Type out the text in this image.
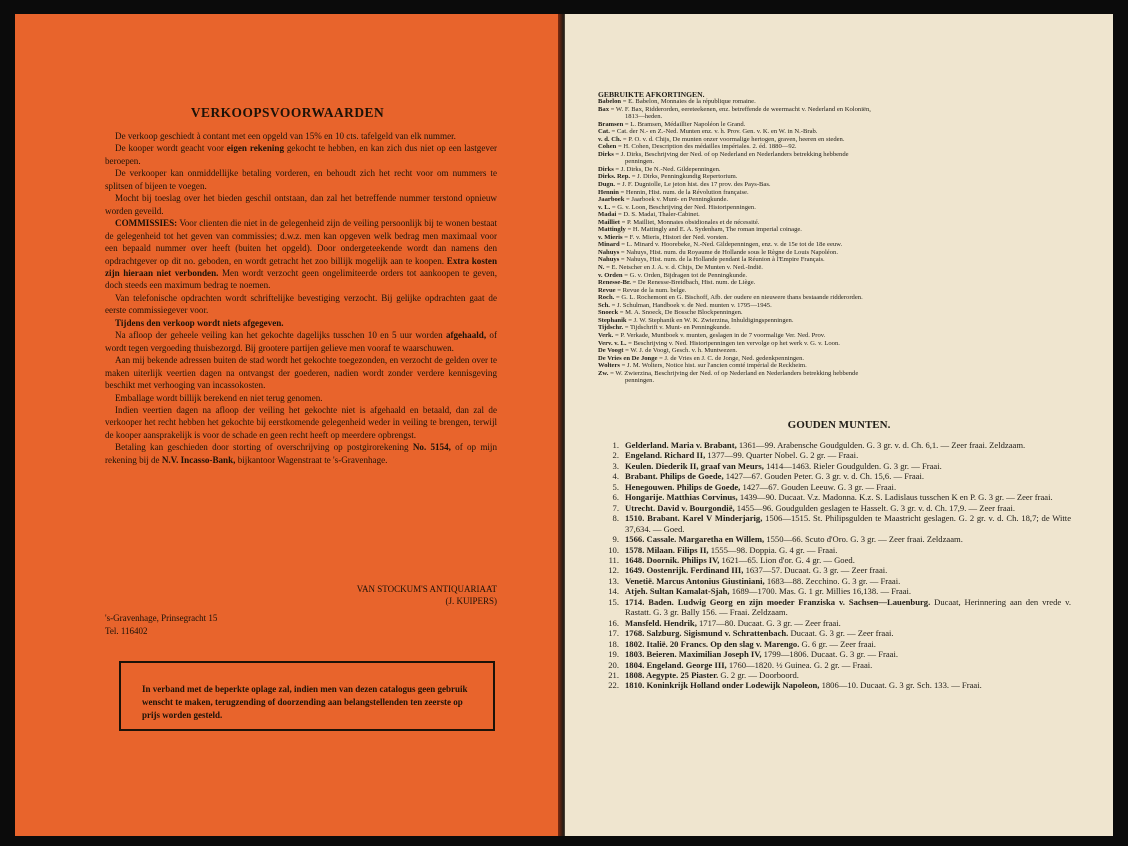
VERKOOPSVOORWAARDEN

De verkoop geschiedt à contant met een opgeld van 15% en 10 cts. tafelgeld van elk nummer.

De kooper wordt geacht voor eigen rekening gekocht te hebben, en kan zich dus niet op een lastgever beroepen.

De verkooper kan onmiddellijke betaling vorderen, en behoudt zich het recht voor om nummers te splitsen of bijeen te voegen.

Mocht bij toeslag over het bieden geschil ontstaan, dan zal het betreffende nummer terstond opnieuw worden geveild.

COMMISSIES: Voor clienten die niet in de gelegenheid zijn de veiling persoonlijk bij te wonen bestaat de gelegenheid tot het geven van commissies; d.w.z. men kan opgeven welk bedrag men maximaal voor een bepaald nummer over heeft (buiten het opgeld). Door ondergeteekende wordt dan namens den opdrachtgever op dit no. geboden, en wordt getracht het zoo billijk mogelijk aan te koopen. Extra kosten zijn hieraan niet verbonden. Men wordt verzocht geen ongelimiteerde orders tot aankoopen te geven, doch steeds een maximum bedrag te noemen.

Van telefonische opdrachten wordt schriftelijke bevestiging verzocht. Bij gelijke opdrachten gaat de eerste commissiegever voor.

Tijdens den verkoop wordt niets afgegeven.

Na afloop der geheele veiling kan het gekochte dagelijks tusschen 10 en 5 uur worden afgehaald, of wordt tegen vergoeding thuisbezorgd. Bij grootere partijen gelieve men vooraf te waarschuwen.

Aan mij bekende adressen buiten de stad wordt het gekochte toegezonden, en verzocht de gelden over te maken uiterlijk veertien dagen na ontvangst der goederen, nadien wordt zonder verdere kennisgeving beschikt met verhooging van incassokosten.

Emballage wordt billijk berekend en niet terug genomen.

Indien veertien dagen na afloop der veiling het gekochte niet is afgehaald en betaald, dan zal de verkooper het recht hebben het gekochte bij eerstkomende gelegenheid weder in veiling te brengen, terwijl de kooper aansprakelijk is voor de schade en geen recht heeft op meerdere opbrengst.

Betaling kan geschieden door storting of overschrijving op postgirorekening No. 5154, of op mijn rekening bij de N.V. Incasso-Bank, bijkantoor Wagenstraat te 's-Gravenhage.

VAN STOCKUM'S ANTIQUARIAAT
(J. KUIPERS)
's-Gravenhage, Prinsegracht 15
Tel. 116402
In verband met de beperkte oplage zal, indien men van dezen catalogus geen gebruik wenscht te maken, terugzending of doorzending aan belangstellenden ten zeerste op prijs worden gesteld.
GEBRUIKTE AFKORTINGEN.
Babelon = E. Babelon, Monnaies de la république romaine.
Bax = W. F. Bax, Ridderorden, eereteekenen, enz. betreffende de weermacht v. Nederland en Koloniën,
1813—heden.
Bramsen = L. Bramsen, Médaillier Napoléon le Grand.
Cat. = Cat. der N.- en Z.-Ned. Munten enz. v. h. Prov. Gen. v. K. en W. in N.-Brab.
v. d. Ch. = P. O. v. d. Chijs, De munten onzer voormalige hertogen, graven, heeren en steden.
Cohen = H. Cohen, Description des médailles impériales. 2. éd. 1880—92.
Dirks = J. Dirks, Beschrijving der Ned. of op Nederland en Nederlanders betrekking hebbende
penningen.
Dirks = J. Dirks, De N.-Ned. Gildepenningen.
Dirks. Rep. = J. Dirks, Penningkundig Repertorium.
Dugn. = J. F. Dugniolle, Le jeton hist. des 17 prov. des Pays-Bas.
Hennin = Hennin, Hist. num. de la Révolution française.
Jaarboek = Jaarboek v. Munt- en Penningkunde.
v. L. = G. v. Loon, Beschrijving der Ned. Historipenningen.
Madai = D. S. Madai, Thaler-Cabinet.
Mailliet = P. Mailliet, Monnaies obsidionales et de nécessité.
Mattingly = H. Mattingly and E. A. Sydenham, The roman imperial coinage.
v. Mieris = F. v. Mieris, Histori der Ned. vorsten.
Minard = L. Minard v. Hoorebeke, N.-Ned. Gildepenningen, enz. v. de 15e tot de 18e eeuw.
Nahuys = Nahuys, Hist. num. du Royaume de Hollande sous le Règne de Louis Napoléon.
Nahuys = Nahuys, Hist. num. de la Hollande pendant la Réunion à l'Empire Français.
N. = E. Netscher en J. A. v. d. Chijs, De Munten v. Ned.-Indië.
v. Orden = G. v. Orden, Bijdragen tot de Penningkunde.
Renesse-Br. = De Renesse-Breidbach, Hist. num. de Liège.
Revue = Revue de la num. belge.
Roch. = G. L. Rochemont en G. Bischoff, Afb. der oudere en nieuwere thans bestaande ridderorden.
Sch. = J. Schulman, Handboek v. de Ned. munten v. 1795—1945.
Snoeck = M. A. Snoeck, De Bossche Blockpenningen.
Stephanik = J. W. Stephanik en W. K. Zwierzina, Inhuldigingspenningen.
Tijdschr. = Tijdschrift v. Munt- en Penningkunde.
Verk. = P. Verkade, Muntboek v. munten, geslagen in de 7 voormalige Ver. Ned. Prov.
Verv. v. L. = Beschrijving v. Ned. Historipenningen ten vervolge op het werk v. G. v. Loon.
De Voogt = W. J. de Voogt, Gesch. v. h. Muntwezen.
De Vries en De Jonge = J. de Vries en J. C. de Jonge, Ned. gedenkpenningen.
Wolters = J. M. Wolters, Notice hist. sur l'ancien comté impérial de Reckheim.
Zw. = W. Zwierzina, Beschrijving der Ned. of op Nederland en Nederlanders betrekking hebbende
penningen.
GOUDEN MUNTEN.
1. Gelderland. Maria v. Brabant, 1361—99. Arabensche Goudgulden. G. 3 gr. v. d. Ch. 6,1. — Zeer fraai. Zeldzaam.
2. Engeland. Richard II, 1377—99. Quarter Nobel. G. 2 gr. — Fraai.
3. Keulen. Diederik II, graaf van Meurs, 1414—1463. Rieler Goudgulden. G. 3 gr. — Fraai.
4. Brabant. Philips de Goede, 1427—67. Gouden Peter. G. 3 gr. v. d. Ch. 15,6. — Fraai.
5. Henegouwen. Philips de Goede, 1427—67. Gouden Leeuw. G. 3 gr. — Fraai.
6. Hongarije. Matthias Corvinus, 1439—90. Ducaat. V.z. Madonna. K.z. S. Ladislaus tusschen K en P. G. 3 gr. — Zeer fraai.
7. Utrecht. David v. Bourgondië, 1455—96. Goudgulden geslagen te Hasselt. G. 3 gr. v. d. Ch. 17,9. — Zeer fraai.
8. 1510. Brabant. Karel V Minderjarig, 1506—1515. St. Philipsgulden te Maastricht geslagen. G. 2 gr. v. d. Ch. 18,7; de Witte 37,634. — Goed.
9. 1566. Cassale. Margaretha en Willem, 1550—66. Scuto d'Oro. G. 3 gr. — Zeer fraai. Zeldzaam.
10. 1578. Milaan. Filips II, 1555—98. Doppia. G. 4 gr. — Fraai.
11. 1648. Doornik. Philips IV, 1621—65. Lion d'or. G. 4 gr. — Goed.
12. 1649. Oostenrijk. Ferdinand III, 1637—57. Ducaat. G. 3 gr. — Zeer fraai.
13. Venetië. Marcus Antonius Giustiniani, 1683—88. Zecchino. G. 3 gr. — Fraai.
14. Atjeh. Sultan Kamalat-Sjah, 1689—1700. Mas. G. 1 gr. Millies 16,138. — Fraai.
15. 1714. Baden. Ludwig Georg en zijn moeder Franziska v. Sachsen—Lauenburg. Ducaat, Herinnering aan den vrede v. Rastatt. G. 3 gr. Bally 156. — Fraai. Zeldzaam.
16. Mansfeld. Hendrik, 1717—80. Ducaat. G. 3 gr. — Zeer fraai.
17. 1768. Salzburg. Sigismund v. Schrattenbach. Ducaat. G. 3 gr. — Zeer fraai.
18. 1802. Italië. 20 Francs. Op den slag v. Marengo. G. 6 gr. — Zeer fraai.
19. 1803. Beieren. Maximilian Joseph IV, 1799—1806. Ducaat. G. 3 gr. — Fraai.
20. 1804. Engeland. George III, 1760—1820. ½ Guinea. G. 2 gr. — Fraai.
21. 1808. Aegypte. 25 Piaster. G. 2 gr. — Doorboord.
22. 1810. Koninkrijk Holland onder Lodewijk Napoleon, 1806—10. Ducaat. G. 3 gr. Sch. 133. — Fraai.
